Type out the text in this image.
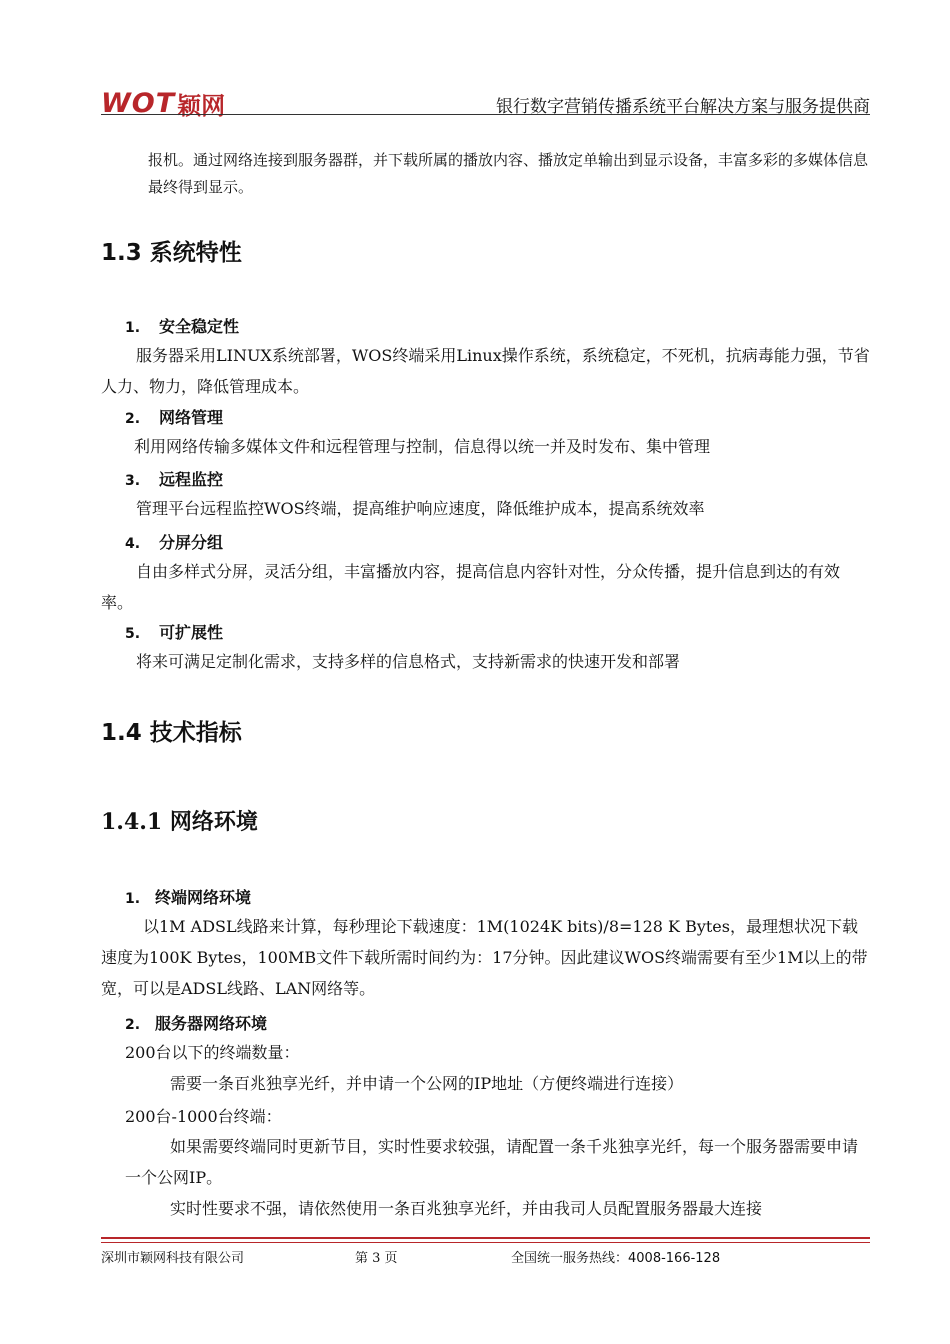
WOT 颖网	银行数字营销传播系统平台解决方案与服务提供商
报机。通过网络连接到服务器群，并下载所属的播放内容、播放定单输出到显示设备，丰富多彩的多媒体信息最终得到显示。
1.3 系统特性
1. 安全稳定性
服务器采用LINUX系统部署，WOS终端采用Linux操作系统，系统稳定，不死机，抗病毒能力强，节省人力、物力，降低管理成本。
2. 网络管理
利用网络传输多媒体文件和远程管理与控制，信息得以统一并及时发布、集中管理
3. 远程监控
管理平台远程监控WOS终端，提高维护响应速度，降低维护成本，提高系统效率
4. 分屏分组
自由多样式分屏，灵活分组，丰富播放内容，提高信息内容针对性，分众传播，提升信息到达的有效率。
5. 可扩展性
将来可满足定制化需求，支持多样的信息格式，支持新需求的快速开发和部署
1.4 技术指标
1.4.1 网络环境
1. 终端网络环境
以1M ADSL线路来计算，每秒理论下载速度：1M(1024K bits)/8=128 K Bytes，最理想状况下载速度为100K Bytes，100MB文件下载所需时间约为：17分钟。因此建议WOS终端需要有至少1M以上的带宽，可以是ADSL线路、LAN网络等。
2. 服务器网络环境
200台以下的终端数量：
需要一条百兆独享光纤，并申请一个公网的IP地址（方便终端进行连接）
200台-1000台终端：
如果需要终端同时更新节目，实时性要求较强，请配置一条千兆独享光纤，每一个服务器需要申请一个公网IP。
实时性要求不强，请依然使用一条百兆独享光纤，并由我司人员配置服务器最大连接
深圳市颖网科技有限公司	第 3 页	全国统一服务热线：4008-166-128
